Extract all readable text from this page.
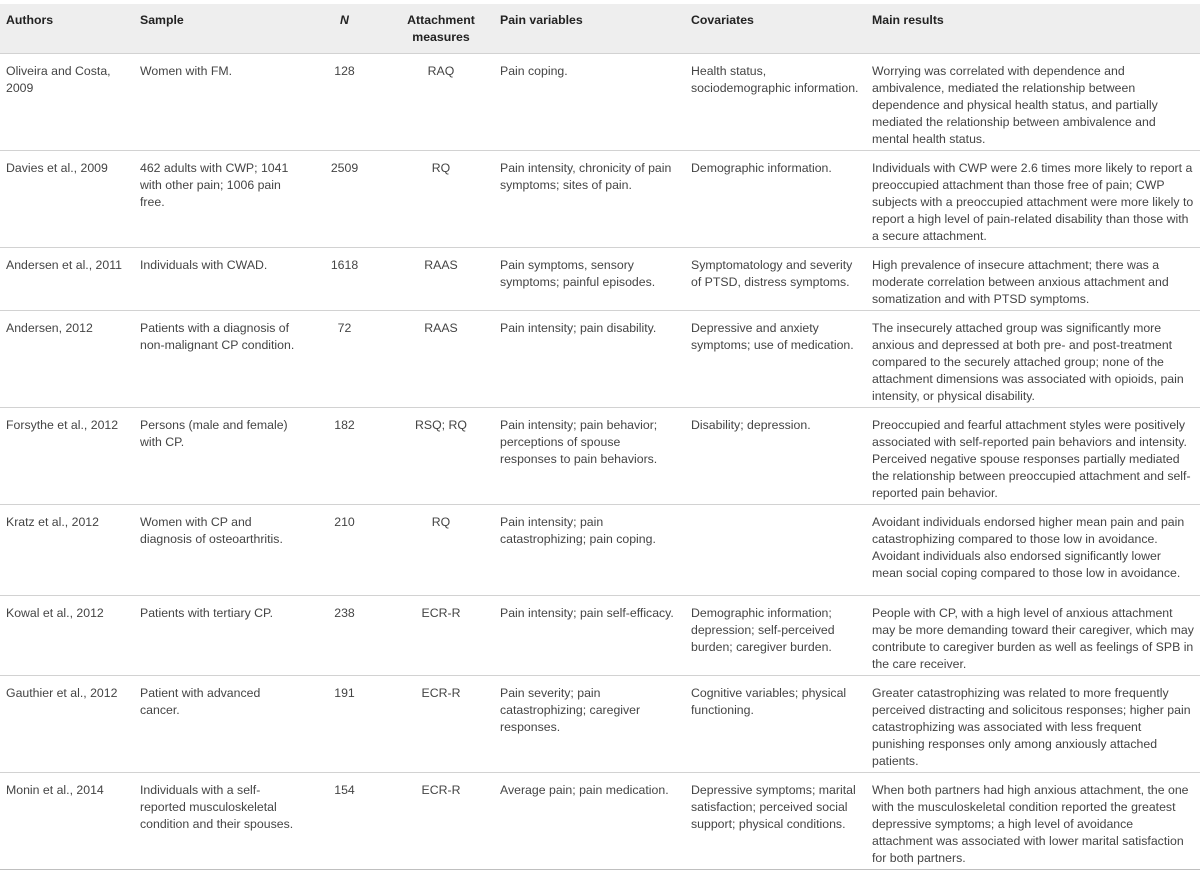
Authors	Sample	N	Attachment measures	Pain variables	Covariates	Main results
Oliveira and Costa, 2009	Women with FM.	128	RAQ	Pain coping.	Health status, sociodemographic information.	Worrying was correlated with dependence and ambivalence, mediated the relationship between dependence and physical health status, and partially mediated the relationship between ambivalence and mental health status.
Davies et al., 2009	462 adults with CWP; 1041 with other pain; 1006 pain free.	2509	RQ	Pain intensity, chronicity of pain symptoms; sites of pain.	Demographic information.	Individuals with CWP were 2.6 times more likely to report a preoccupied attachment than those free of pain; CWP subjects with a preoccupied attachment were more likely to report a high level of pain-related disability than those with a secure attachment.
Andersen et al., 2011	Individuals with CWAD.	1618	RAAS	Pain symptoms, sensory symptoms; painful episodes.	Symptomatology and severity of PTSD, distress symptoms.	High prevalence of insecure attachment; there was a moderate correlation between anxious attachment and somatization and with PTSD symptoms.
Andersen, 2012	Patients with a diagnosis of non-malignant CP condition.	72	RAAS	Pain intensity; pain disability.	Depressive and anxiety symptoms; use of medication.	The insecurely attached group was significantly more anxious and depressed at both pre- and post-treatment compared to the securely attached group; none of the attachment dimensions was associated with opioids, pain intensity, or physical disability.
Forsythe et al., 2012	Persons (male and female) with CP.	182	RSQ; RQ	Pain intensity; pain behavior; perceptions of spouse responses to pain behaviors.	Disability; depression.	Preoccupied and fearful attachment styles were positively associated with self-reported pain behaviors and intensity. Perceived negative spouse responses partially mediated the relationship between preoccupied attachment and self-reported pain behavior.
Kratz et al., 2012	Women with CP and diagnosis of osteoarthritis.	210	RQ	Pain intensity; pain catastrophizing; pain coping.		Avoidant individuals endorsed higher mean pain and pain catastrophizing compared to those low in avoidance. Avoidant individuals also endorsed significantly lower mean social coping compared to those low in avoidance.
Kowal et al., 2012	Patients with tertiary CP.	238	ECR-R	Pain intensity; pain self-efficacy.	Demographic information; depression; self-perceived burden; caregiver burden.	People with CP, with a high level of anxious attachment may be more demanding toward their caregiver, which may contribute to caregiver burden as well as feelings of SPB in the care receiver.
Gauthier et al., 2012	Patient with advanced cancer.	191	ECR-R	Pain severity; pain catastrophizing; caregiver responses.	Cognitive variables; physical functioning.	Greater catastrophizing was related to more frequently perceived distracting and solicitous responses; higher pain catastrophizing was associated with less frequent punishing responses only among anxiously attached patients.
Monin et al., 2014	Individuals with a self-reported musculoskeletal condition and their spouses.	154	ECR-R	Average pain; pain medication.	Depressive symptoms; marital satisfaction; perceived social support; physical conditions.	When both partners had high anxious attachment, the one with the musculoskeletal condition reported the greatest depressive symptoms; a high level of avoidance attachment was associated with lower marital satisfaction for both partners.
